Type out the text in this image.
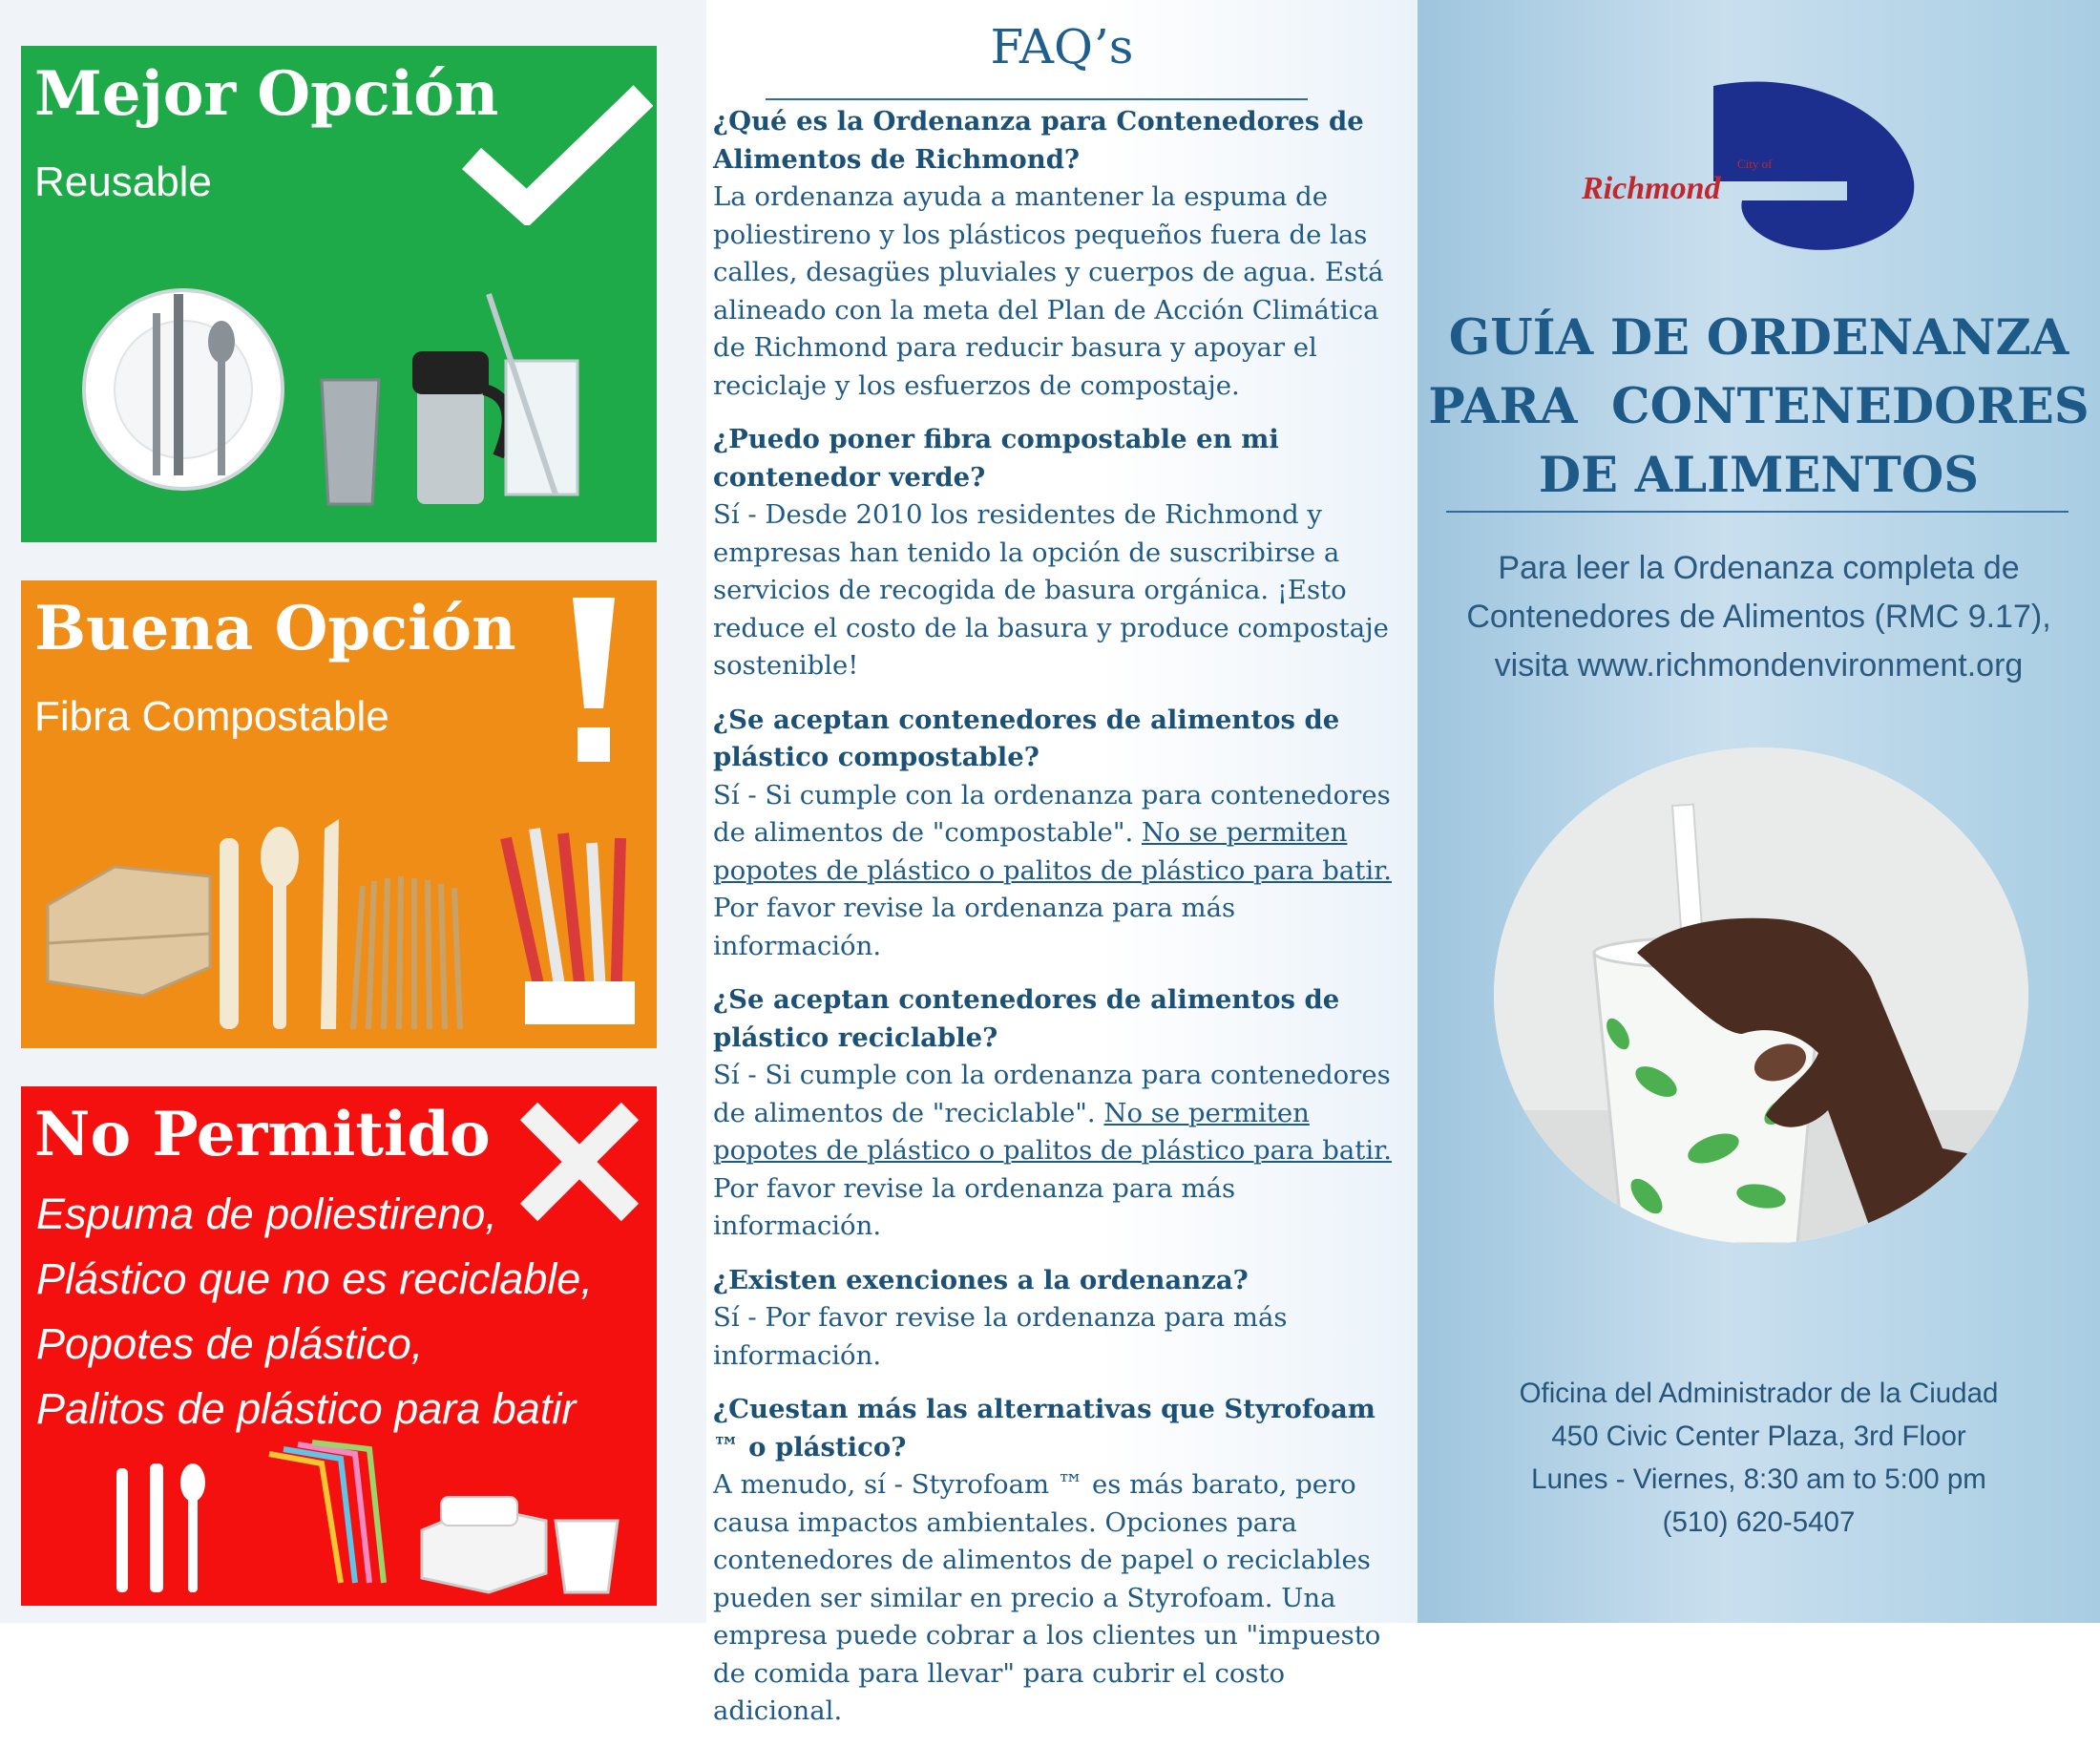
Mejor Opción
Reusable
Buena Opción
Fibra Compostable
No Permitido
Espuma de poliestireno,
Plástico que no es reciclable,
Popotes de plástico,
Palitos de plástico para batir
FAQ’s
¿Qué es la Ordenanza para Contenedores de Alimentos de Richmond?
La ordenanza ayuda a mantener la espuma de poliestireno y los plásticos pequeños fuera de las calles, desagües pluviales y cuerpos de agua. Está alineado con la meta del Plan de Acción Climática de Richmond para reducir basura y apoyar el reciclaje y los esfuerzos de compostaje.
¿Puedo poner fibra compostable en mi contenedor verde?
Sí - Desde 2010 los residentes de Richmond y empresas han tenido la opción de suscribirse a servicios de recogida de basura orgánica. ¡Esto reduce el costo de la basura y produce compostaje sostenible!
¿Se aceptan contenedores de alimentos de plástico compostable?
Sí - Si cumple con la ordenanza para contenedores de alimentos de "compostable". No se permiten popotes de plástico o palitos de plástico para batir. Por favor revise la ordenanza para más información.
¿Se aceptan contenedores de alimentos de plástico reciclable?
Sí - Si cumple con la ordenanza para contenedores de alimentos de "reciclable". No se permiten popotes de plástico o palitos de plástico para batir. Por favor revise la ordenanza para más información.
¿Existen exenciones a la ordenanza?
Sí - Por favor revise la ordenanza para más información.
¿Cuestan más las alternativas que Styrofoam ™ o plástico?
A menudo, sí - Styrofoam ™ es más barato, pero causa impactos ambientales. Opciones para contenedores de alimentos de papel o reciclables pueden ser similar en precio a Styrofoam. Una empresa puede cobrar a los clientes un "impuesto de comida para llevar" para cubrir el costo adicional.
City of
Richmond
GUÍA DE ORDENANZA
PARA  CONTENEDORES
DE ALIMENTOS
Para leer la Ordenanza completa de
Contenedores de Alimentos (RMC 9.17),
visita www.richmondenvironment.org
Oficina del Administrador de la Ciudad
450 Civic Center Plaza, 3rd Floor
Lunes - Viernes, 8:30 am to 5:00 pm
(510) 620-5407
